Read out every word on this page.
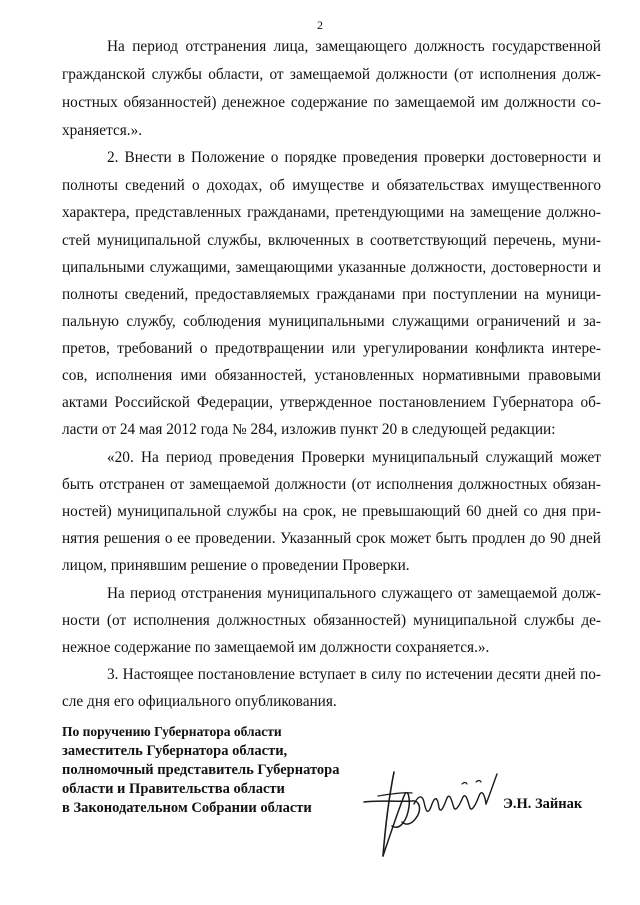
2
На период отстранения лица, замещающего должность государственной
гражданской службы области, от замещаемой должности (от исполнения долж-
ностных обязанностей) денежное содержание по замещаемой им должности со-
храняется.».
2. Внести в Положение о порядке проведения проверки достоверности и
полноты сведений о доходах, об имуществе и обязательствах имущественного
характера, представленных гражданами, претендующими на замещение должно-
стей муниципальной службы, включенных в соответствующий перечень, муни-
ципальными служащими, замещающими указанные должности, достоверности и
полноты сведений, предоставляемых гражданами при поступлении на муници-
пальную службу, соблюдения муниципальными служащими ограничений и за-
претов, требований о предотвращении или урегулировании конфликта интере-
сов, исполнения ими обязанностей, установленных нормативными правовыми
актами Российской Федерации, утвержденное постановлением Губернатора об-
ласти от 24 мая 2012 года № 284, изложив пункт 20 в следующей редакции:
«20. На период проведения Проверки муниципальный служащий может
быть отстранен от замещаемой должности (от исполнения должностных обязан-
ностей) муниципальной службы на срок, не превышающий 60 дней со дня при-
нятия решения о ее проведении. Указанный срок может быть продлен до 90 дней
лицом, принявшим решение о проведении Проверки.
На период отстранения муниципального служащего от замещаемой долж-
ности (от исполнения должностных обязанностей) муниципальной службы де-
нежное содержание по замещаемой им должности сохраняется.».
3. Настоящее постановление вступает в силу по истечении десяти дней по-
сле дня его официального опубликования.
По поручению Губернатора области
заместитель Губернатора области,
полномочный представитель Губернатора
области и Правительства области
в Законодательном Собрании области	Э.Н. Зайнак
